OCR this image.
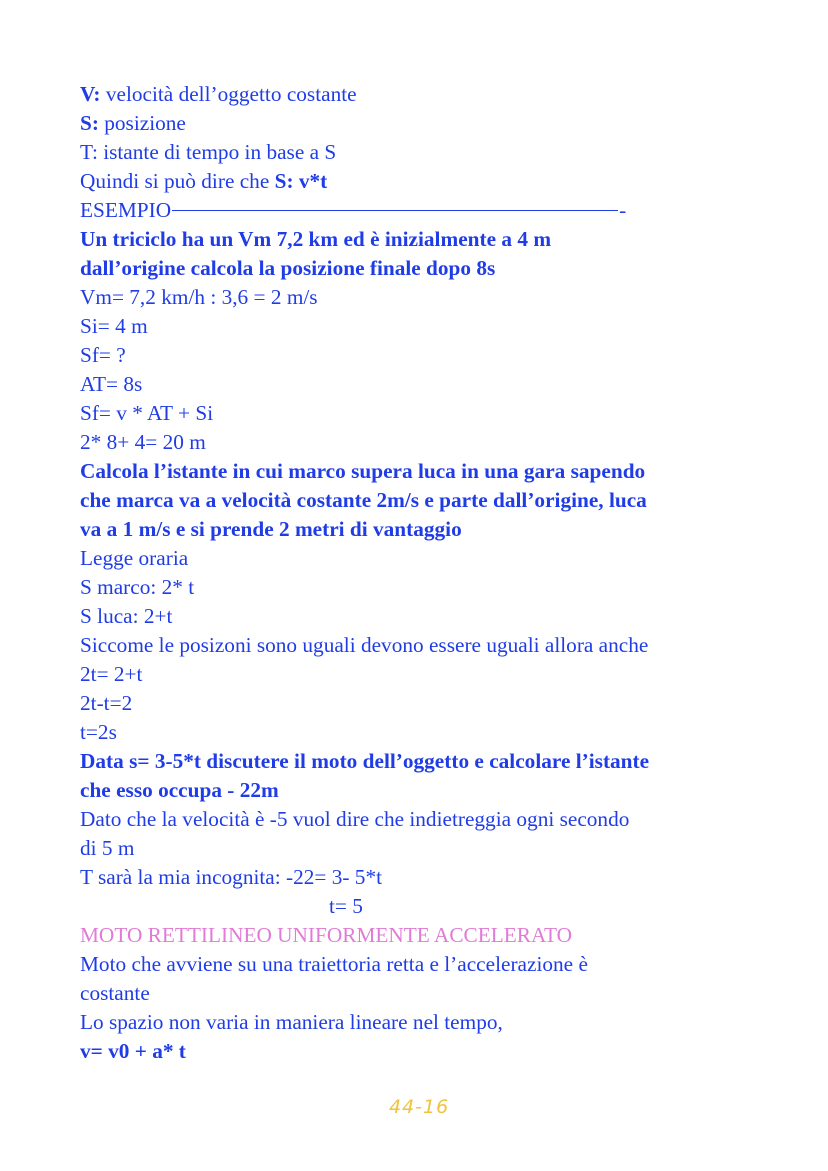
V: velocità dell’oggetto costante

S: posizione

T: istante di tempo in base a S

Quindi si può dire che S: v*t

ESEMPIO	-

Un triciclo ha un Vm 7,2 km ed è inizialmente a 4 m

dall’origine calcola la posizione finale dopo 8s

Vm= 7,2 km/h : 3,6 = 2 m/s

Si= 4 m

Sf= ?

AT= 8s

Sf= v * AT + Si

2* 8+ 4= 20 m

Calcola l’istante in cui marco supera luca in una gara sapendo

che marca va a velocità costante 2m/s e parte dall’origine, luca

va a 1 m/s e si prende 2 metri di vantaggio

Legge oraria

S marco: 2* t

S luca: 2+t

Siccome le posizoni sono uguali devono essere uguali allora anche

2t= 2+t

2t-t=2

t=2s

Data s= 3-5*t discutere il moto dell’oggetto e calcolare l’istante

che esso occupa - 22m

Dato che la velocità è -5 vuol dire che indietreggia ogni secondo

di 5 m

T sarà la mia incognita: -22= 3- 5*t

t= 5

MOTO RETTILINEO UNIFORMENTE ACCELERATO

Moto che avviene su una traiettoria retta e l’accelerazione è

costante

Lo spazio non varia in maniera lineare nel tempo,

v= v0 + a* t

44-16
